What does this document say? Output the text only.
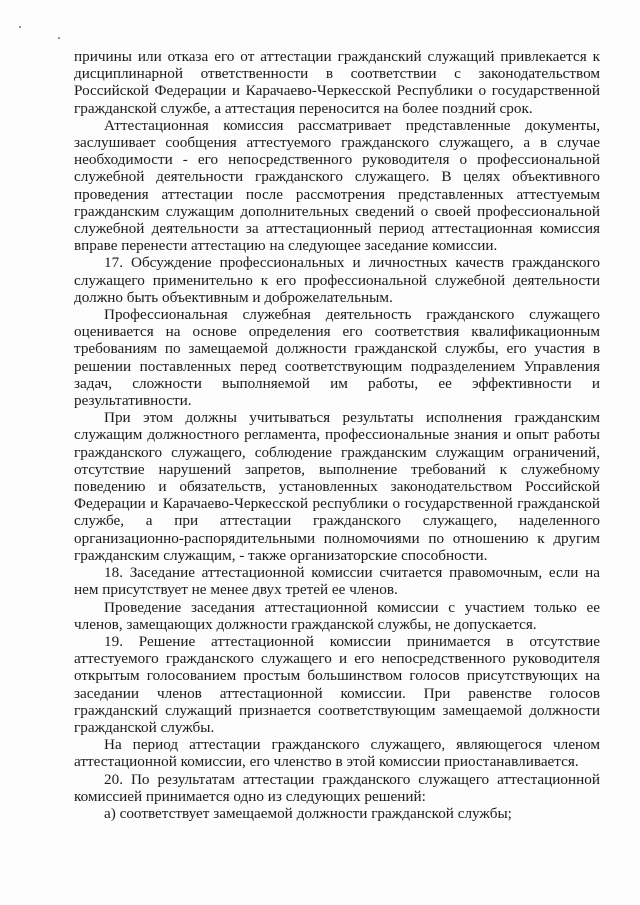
причины или отказа его от аттестации гражданский служащий привлекается к дисциплинарной ответственности в соответствии с законодательством Российской Федерации и Карачаево-Черкесской Республики о государственной гражданской службе, а аттестация переносится на более поздний срок.

Аттестационная комиссия рассматривает представленные документы, заслушивает сообщения аттестуемого гражданского служащего, а в случае необходимости - его непосредственного руководителя о профессиональной служебной деятельности гражданского служащего. В целях объективного проведения аттестации после рассмотрения представленных аттестуемым гражданским служащим дополнительных сведений о своей профессиональной служебной деятельности за аттестационный период аттестационная комиссия вправе перенести аттестацию на следующее заседание комиссии.

17. Обсуждение профессиональных и личностных качеств гражданского служащего применительно к его профессиональной служебной деятельности должно быть объективным и доброжелательным.

Профессиональная служебная деятельность гражданского служащего оценивается на основе определения его соответствия квалификационным требованиям по замещаемой должности гражданской службы, его участия в решении поставленных перед соответствующим подразделением Управления задач, сложности выполняемой им работы, ее эффективности и результативности.

При этом должны учитываться результаты исполнения гражданским служащим должностного регламента, профессиональные знания и опыт работы гражданского служащего, соблюдение гражданским служащим ограничений, отсутствие нарушений запретов, выполнение требований к служебному поведению и обязательств, установленных законодательством Российской Федерации и Карачаево-Черкесской республики о государственной гражданской службе, а при аттестации гражданского служащего, наделенного организационно-распорядительными полномочиями по отношению к другим гражданским служащим, - также организаторские способности.

18. Заседание аттестационной комиссии считается правомочным, если на нем присутствует не менее двух третей ее членов.

Проведение заседания аттестационной комиссии с участием только ее членов, замещающих должности гражданской службы, не допускается.

19. Решение аттестационной комиссии принимается в отсутствие аттестуемого гражданского служащего и его непосредственного руководителя открытым голосованием простым большинством голосов присутствующих на заседании членов аттестационной комиссии. При равенстве голосов гражданский служащий признается соответствующим замещаемой должности гражданской службы.

На период аттестации гражданского служащего, являющегося членом аттестационной комиссии, его членство в этой комиссии приостанавливается.

20. По результатам аттестации гражданского служащего аттестационной комиссией принимается одно из следующих решений:

а) соответствует замещаемой должности гражданской службы;
